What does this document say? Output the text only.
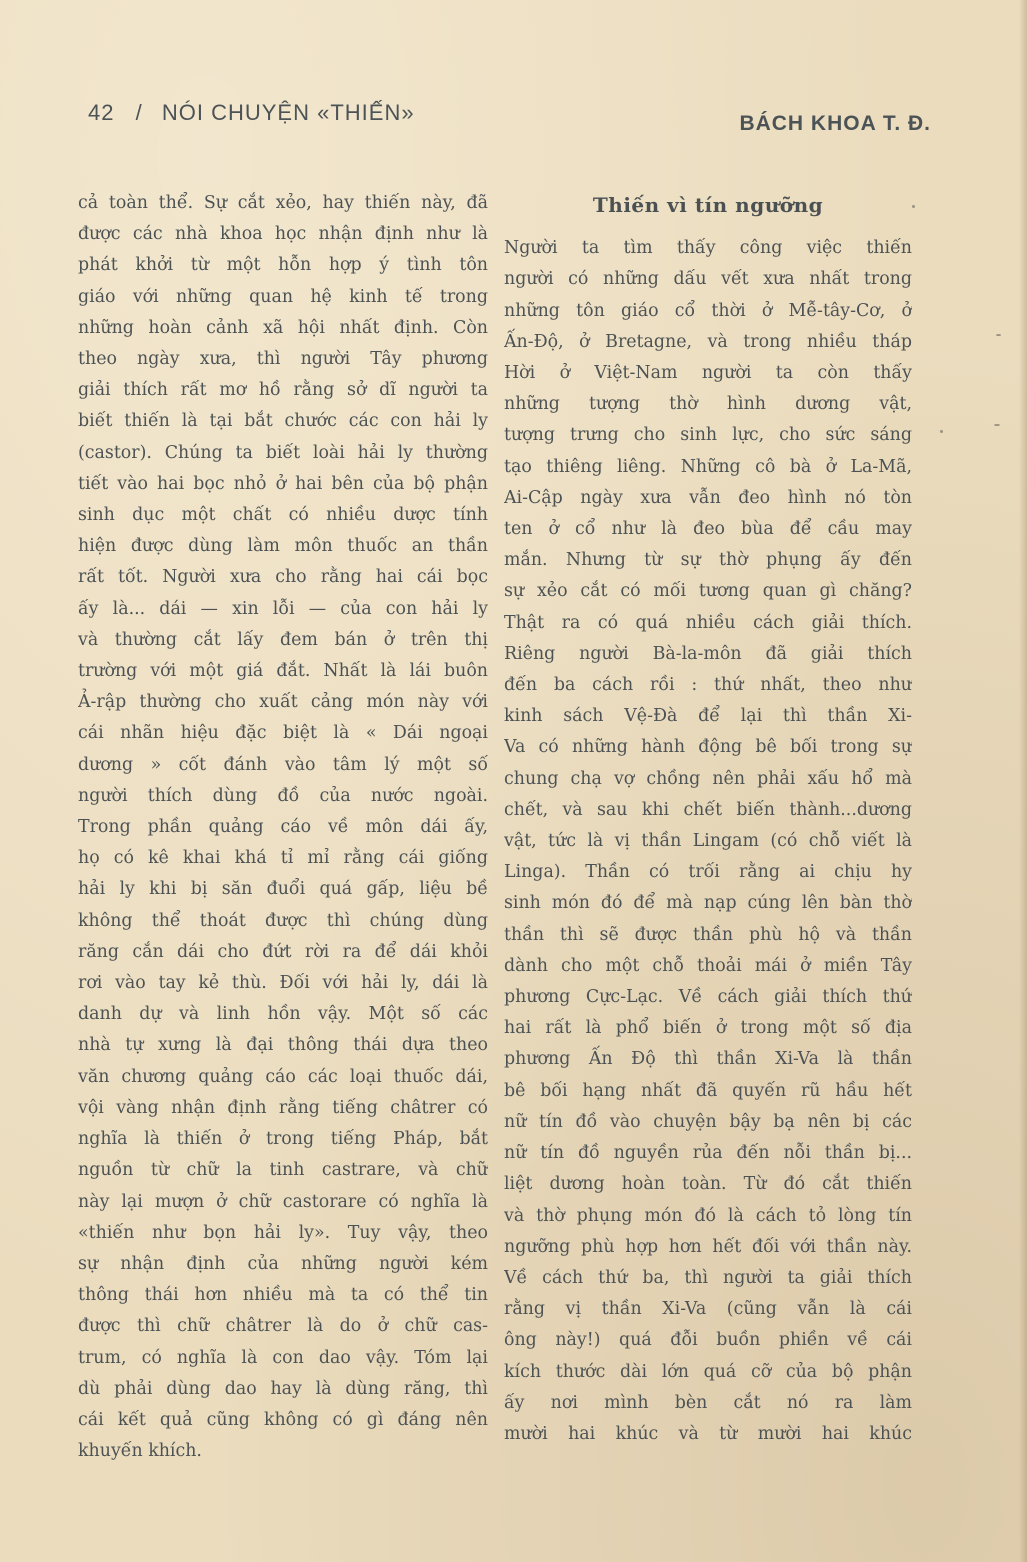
42 / NÓI CHUYỆN «THIẾN»	BÁCH KHOA T. Đ.
cả toàn thể. Sự cắt xẻo, hay thiến này, đã
được các nhà khoa học nhận định như là
phát khởi từ một hỗn hợp ý tình tôn
giáo với những quan hệ kinh tế trong
những hoàn cảnh xã hội nhất định. Còn
theo ngày xưa, thì người Tây phương
giải thích rất mơ hồ rằng sở dĩ người ta
biết thiến là tại bắt chước các con hải ly
(castor). Chúng ta biết loài hải ly thường
tiết vào hai bọc nhỏ ở hai bên của bộ phận
sinh dục một chất có nhiều dược tính
hiện được dùng làm môn thuốc an thần
rất tốt. Người xưa cho rằng hai cái bọc
ấy là... dái — xin lỗi — của con hải ly
và thường cắt lấy đem bán ở trên thị
trường với một giá đắt. Nhất là lái buôn
Ả-rập thường cho xuất cảng món này với
cái nhãn hiệu đặc biệt là « Dái ngoại
dương » cốt đánh vào tâm lý một số
người thích dùng đồ của nước ngoài.
Trong phần quảng cáo về môn dái ấy,
họ có kê khai khá tỉ mỉ rằng cái giống
hải ly khi bị săn đuổi quá gấp, liệu bề
không thể thoát được thì chúng dùng
răng cắn dái cho đứt rời ra để dái khỏi
rơi vào tay kẻ thù. Đối với hải ly, dái là
danh dự và linh hồn vậy. Một số các
nhà tự xưng là đại thông thái dựa theo
văn chương quảng cáo các loại thuốc dái,
vội vàng nhận định rằng tiếng châtrer có
nghĩa là thiến ở trong tiếng Pháp, bắt
nguồn từ chữ la tinh castrare, và chữ
này lại mượn ở chữ castorare có nghĩa là
«thiến như bọn hải ly». Tuy vậy, theo
sự nhận định của những người kém
thông thái hơn nhiều mà ta có thể tin
được thì chữ châtrer là do ở chữ cas-
trum, có nghĩa là con dao vậy. Tóm lại
dù phải dùng dao hay là dùng răng, thì
cái kết quả cũng không có gì đáng nên
khuyến khích.
Thiến vì tín ngưỡng
Người ta tìm thấy công việc thiến
người có những dấu vết xưa nhất trong
những tôn giáo cổ thời ở Mễ-tây-Cơ, ở
Ấn-Độ, ở Bretagne, và trong nhiều tháp
Hời ở Việt-Nam người ta còn thấy
những tượng thờ hình dương vật,
tượng trưng cho sinh lực, cho sức sáng
tạo thiêng liêng. Những cô bà ở La-Mã,
Ai-Cập ngày xưa vẫn đeo hình nó tòn
ten ở cổ như là đeo bùa để cầu may
mắn. Nhưng từ sự thờ phụng ấy đến
sự xẻo cắt có mối tương quan gì chăng?
Thật ra có quá nhiều cách giải thích.
Riêng người Bà-la-môn đã giải thích
đến ba cách rồi : thứ nhất, theo như
kinh sách Vệ-Đà để lại thì thần Xi-
Va có những hành động bê bối trong sự
chung chạ vợ chồng nên phải xấu hổ mà
chết, và sau khi chết biến thành...dương
vật, tức là vị thần Lingam (có chỗ viết là
Linga). Thần có trối rằng ai chịu hy
sinh món đó để mà nạp cúng lên bàn thờ
thần thì sẽ được thần phù hộ và thần
dành cho một chỗ thoải mái ở miền Tây
phương Cực-Lạc. Về cách giải thích thứ
hai rất là phổ biến ở trong một số địa
phương Ấn Độ thì thần Xi-Va là thần
bê bối hạng nhất đã quyến rũ hầu hết
nữ tín đồ vào chuyện bậy bạ nên bị các
nữ tín đồ nguyền rủa đến nỗi thần bị...
liệt dương hoàn toàn. Từ đó cắt thiến
và thờ phụng món đó là cách tỏ lòng tín
ngưỡng phù hợp hơn hết đối với thần này.
Về cách thứ ba, thì người ta giải thích
rằng vị thần Xi-Va (cũng vẫn là cái
ông này!) quá đỗi buồn phiền về cái
kích thước dài lớn quá cỡ của bộ phận
ấy nơi mình bèn cắt nó ra làm
mười hai khúc và từ mười hai khúc
